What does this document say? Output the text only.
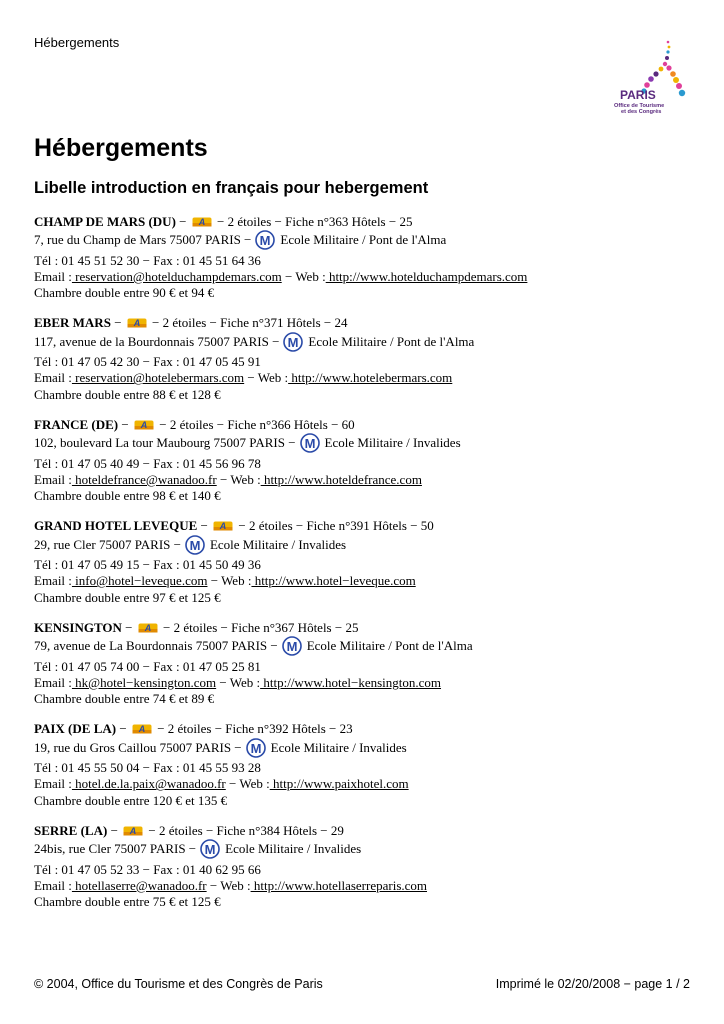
Hébergements
PARIS
Office de Tourisme
et des Congrès
Hébergements
Libelle introduction en français pour hebergement
CHAMP DE MARS (DU) − A − 2 étoiles − Fiche n°363 Hôtels − 25
7, rue du Champ de Mars 75007 PARIS − M Ecole Militaire / Pont de l'Alma
Tél : 01 45 51 52 30 − Fax : 01 45 51 64 36
Email : reservation@hotelduchampdemars.com − Web : http://www.hotelduchampdemars.com
Chambre double entre 90 € et 94 €
EBER MARS − A − 2 étoiles − Fiche n°371 Hôtels − 24
117, avenue de la Bourdonnais 75007 PARIS − M Ecole Militaire / Pont de l'Alma
Tél : 01 47 05 42 30 − Fax : 01 47 05 45 91
Email : reservation@hotelebermars.com − Web : http://www.hotelebermars.com
Chambre double entre 88 € et 128 €
FRANCE (DE) − A − 2 étoiles − Fiche n°366 Hôtels − 60
102, boulevard La tour Maubourg 75007 PARIS − M Ecole Militaire / Invalides
Tél : 01 47 05 40 49 − Fax : 01 45 56 96 78
Email : hoteldefrance@wanadoo.fr − Web : http://www.hoteldefrance.com
Chambre double entre 98 € et 140 €
GRAND HOTEL LEVEQUE − A − 2 étoiles − Fiche n°391 Hôtels − 50
29, rue Cler 75007 PARIS − M Ecole Militaire / Invalides
Tél : 01 47 05 49 15 − Fax : 01 45 50 49 36
Email : info@hotel−leveque.com − Web : http://www.hotel−leveque.com
Chambre double entre 97 € et 125 €
KENSINGTON − A − 2 étoiles − Fiche n°367 Hôtels − 25
79, avenue de La Bourdonnais 75007 PARIS − M Ecole Militaire / Pont de l'Alma
Tél : 01 47 05 74 00 − Fax : 01 47 05 25 81
Email : hk@hotel−kensington.com − Web : http://www.hotel−kensington.com
Chambre double entre 74 € et 89 €
PAIX (DE LA) − A − 2 étoiles − Fiche n°392 Hôtels − 23
19, rue du Gros Caillou 75007 PARIS − M Ecole Militaire / Invalides
Tél : 01 45 55 50 04 − Fax : 01 45 55 93 28
Email : hotel.de.la.paix@wanadoo.fr − Web : http://www.paixhotel.com
Chambre double entre 120 € et 135 €
SERRE (LA) − A − 2 étoiles − Fiche n°384 Hôtels − 29
24bis, rue Cler 75007 PARIS − M Ecole Militaire / Invalides
Tél : 01 47 05 52 33 − Fax : 01 40 62 95 66
Email : hotellaserre@wanadoo.fr − Web : http://www.hotellaserreparis.com
Chambre double entre 75 € et 125 €
© 2004, Office du Tourisme et des Congrès de Paris	Imprimé le 02/20/2008 − page 1 / 2
